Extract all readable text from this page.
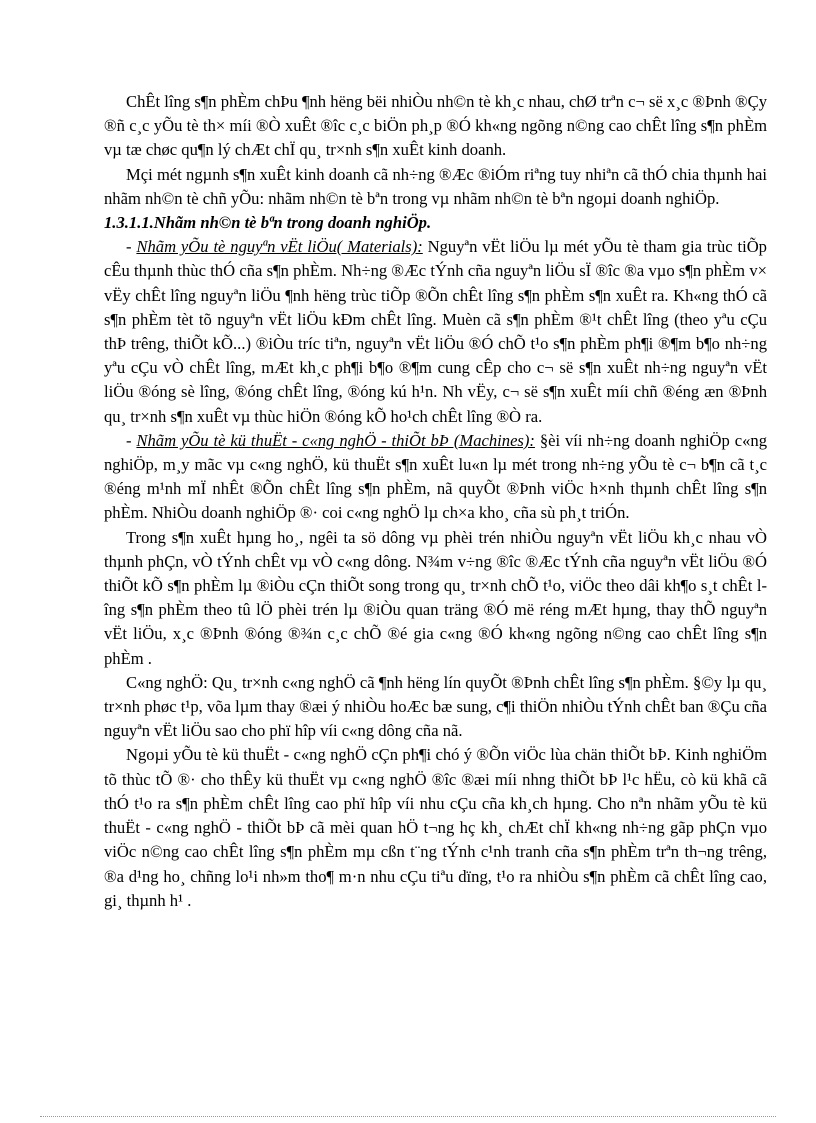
ChÊt lîng s¶n phÈm chÞu ¶nh hëng bëi nhiÒu nh©n tè kh¸c nhau, chØ trªn c¬ së x¸c ®Þnh ®Çy ®ñ c¸c yÕu tè th× míi ®Ò xuÊt ®îc c¸c biÖn ph¸p ®Ó kh«ng ngõng n©ng cao chÊt lîng s¶n phÈm vµ tæ chøc qu¶n lý chÆt chÏ qu¸ tr×nh s¶n xuÊt kinh doanh.

Mçi mét ngµnh s¶n xuÊt kinh doanh cã nh÷ng ®Æc ®iÓm riªng tuy nhiªn cã thÓ chia thµnh hai nhãm nh©n tè chñ yÕu: nhãm nh©n tè bªn trong vµ nhãm nh©n tè bªn ngoµi doanh nghiÖp.

1.3.1.1.Nhãm nh©n tè bªn trong doanh nghiÖp.

- Nhãm yÕu tè nguyªn vËt liÖu( Materials): Nguyªn vËt liÖu lµ mét yÕu tè tham gia trùc tiÕp cÊu thµnh thùc thÓ cña s¶n phÈm. Nh÷ng ®Æc tÝnh cña nguyªn liÖu sÏ ®îc ®a vµo s¶n phÈm v× vËy chÊt lîng nguyªn liÖu ¶nh hëng trùc tiÕp ®Õn chÊt lîng s¶n phÈm s¶n xuÊt ra. Kh«ng thÓ cã s¶n phÈm tèt tõ nguyªn vËt liÖu kÐm chÊt lîng. Muèn cã s¶n phÈm ®¹t chÊt lîng (theo yªu cÇu thÞ trêng, thiÕt kÕ...) ®iÒu tríc tiªn, nguyªn vËt liÖu ®Ó chÕ t¹o s¶n phÈm ph¶i ®¶m b¶o nh÷ng yªu cÇu vÒ chÊt lîng, mÆt kh¸c ph¶i b¶o ®¶m cung cÊp cho c¬ së s¶n xuÊt nh÷ng nguyªn vËt liÖu ®óng sè lîng, ®óng chÊt lîng, ®óng kú h¹n. Nh vËy, c¬ së s¶n xuÊt míi chñ ®éng æn ®Þnh qu¸ tr×nh s¶n xuÊt vµ thùc hiÖn ®óng kÕ ho¹ch chÊt lîng ®Ò ra.

- Nhãm yÕu tè kü thuËt - c«ng nghÖ - thiÕt bÞ (Machines): §èi víi nh÷ng doanh nghiÖp c«ng nghiÖp, m¸y mãc vµ c«ng nghÖ, kü thuËt s¶n xuÊt lu«n lµ mét trong nh÷ng yÕu tè c¬ b¶n cã t¸c ®éng m¹nh mÏ nhÊt ®Õn chÊt lîng s¶n phÈm, nã quyÕt ®Þnh viÖc h×nh thµnh chÊt lîng s¶n phÈm. NhiÒu doanh nghiÖp ®· coi c«ng nghÖ lµ ch×a kho¸ cña sù ph¸t triÓn.

Trong s¶n xuÊt hµng ho¸, ngêi ta sö dông vµ phèi trén nhiÒu nguyªn vËt liÖu kh¸c nhau vÒ thµnh phÇn, vÒ tÝnh chÊt vµ vÒ c«ng dông. N¾m v÷ng ®îc ®Æc tÝnh cña nguyªn vËt liÖu ®Ó thiÕt kÕ s¶n phÈm lµ ®iÒu cÇn thiÕt song trong qu¸ tr×nh chÕ t¹o, viÖc theo dâi kh¶o s¸t chÊt lîng s¶n phÈm theo tû lÖ phèi trén lµ ®iÒu quan träng ®Ó më réng mÆt hµng, thay thÕ nguyªn vËt liÖu, x¸c ®Þnh ®óng ®¾n c¸c chÕ ®é gia c«ng ®Ó kh«ng ngõng n©ng cao chÊt lîng s¶n phÈm .

C«ng nghÖ: Qu¸ tr×nh c«ng nghÖ cã ¶nh hëng lín quyÕt ®Þnh chÊt lîng s¶n phÈm. §©y lµ qu¸ tr×nh phøc t¹p, võa lµm thay ®æi ý nhiÒu hoÆc bæ sung, c¶i thiÖn nhiÒu tÝnh chÊt ban ®Çu cña nguyªn vËt liÖu sao cho phï hîp víi c«ng dông cña nã.

Ngoµi yÕu tè kü thuËt - c«ng nghÖ cÇn ph¶i chó ý ®Õn viÖc lùa chän thiÕt bÞ. Kinh nghiÖm tõ thùc tÕ ®· cho thÊy kü thuËt vµ c«ng nghÖ ®îc ®æi míi nhng thiÕt bÞ l¹c hËu, cò kü khã cã thÓ t¹o ra s¶n phÈm chÊt lîng cao phï hîp víi nhu cÇu cña kh¸ch hµng. Cho nªn nhãm yÕu tè kü thuËt - c«ng nghÖ - thiÕt bÞ cã mèi quan hÖ t¬ng hç kh¸ chÆt chÏ kh«ng nh÷ng gãp phÇn vµo viÖc n©ng cao chÊt lîng s¶n phÈm mµ cßn t¨ng tÝnh c¹nh tranh cña s¶n phÈm trªn th¬ng trêng, ®a d¹ng ho¸ chñng lo¹i nh»m tho¶ m·n nhu cÇu tiªu dïng, t¹o ra nhiÒu s¶n phÈm cã chÊt lîng cao, gi¸ thµnh h¹ .
